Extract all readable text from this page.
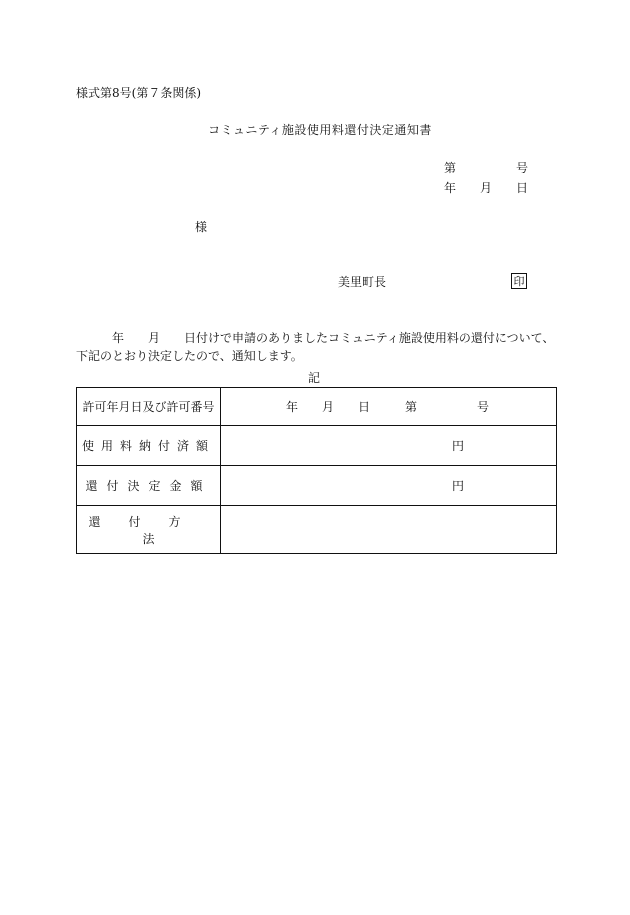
様式第8号(第７条関係)
コミュニティ施設使用料還付決定通知書
第	号
年 月 日
様
美里町長	印
年 月 日付けで申請のありましたコミュニティ施設使用料の還付について、
下記のとおり決定したので、通知します。
記
許可年月日及び許可番号	年 月 日 第 号

使用料納付済額	円

還付決定金額	円

還付方法	
